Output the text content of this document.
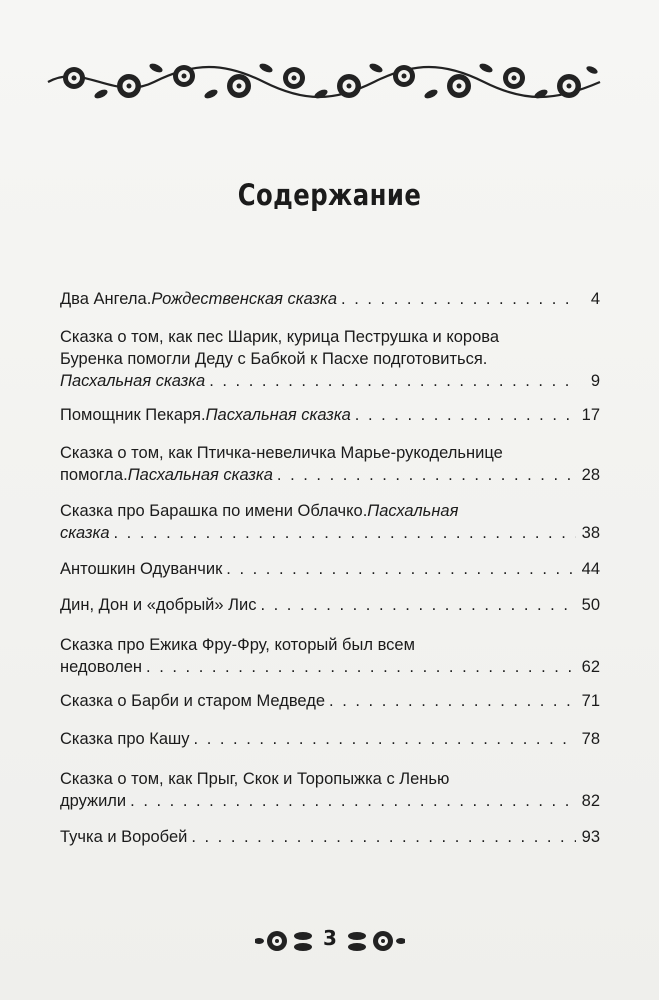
Содержание
Два Ангела. Рождественская сказка . . .	4
Сказка о том, как пес Шарик, курица Пеструшка и корова
Буренка помогли Деду с Бабкой к Пасхе подготовиться.
Пасхальная сказка . . .	9
Помощник Пекаря. Пасхальная сказка . . .	17
Сказка о том, как Птичка-невеличка Марье-рукодельнице
помогла. Пасхальная сказка . . .	28
Сказка про Барашка по имени Облачко. Пасхальная
сказка . . .	38
Антошкин Одуванчик . . .	44
Дин, Дон и «добрый» Лис . . .	50
Сказка про Ежика Фру-Фру, который был всем
недоволен . . .	62
Сказка о Барби и старом Медведе . . .	71
Сказка про Кашу . . .	78
Сказка о том, как Прыг, Скок и Торопыжка с Ленью
дружили . . .	82
Тучка и Воробей . . .	93
3
